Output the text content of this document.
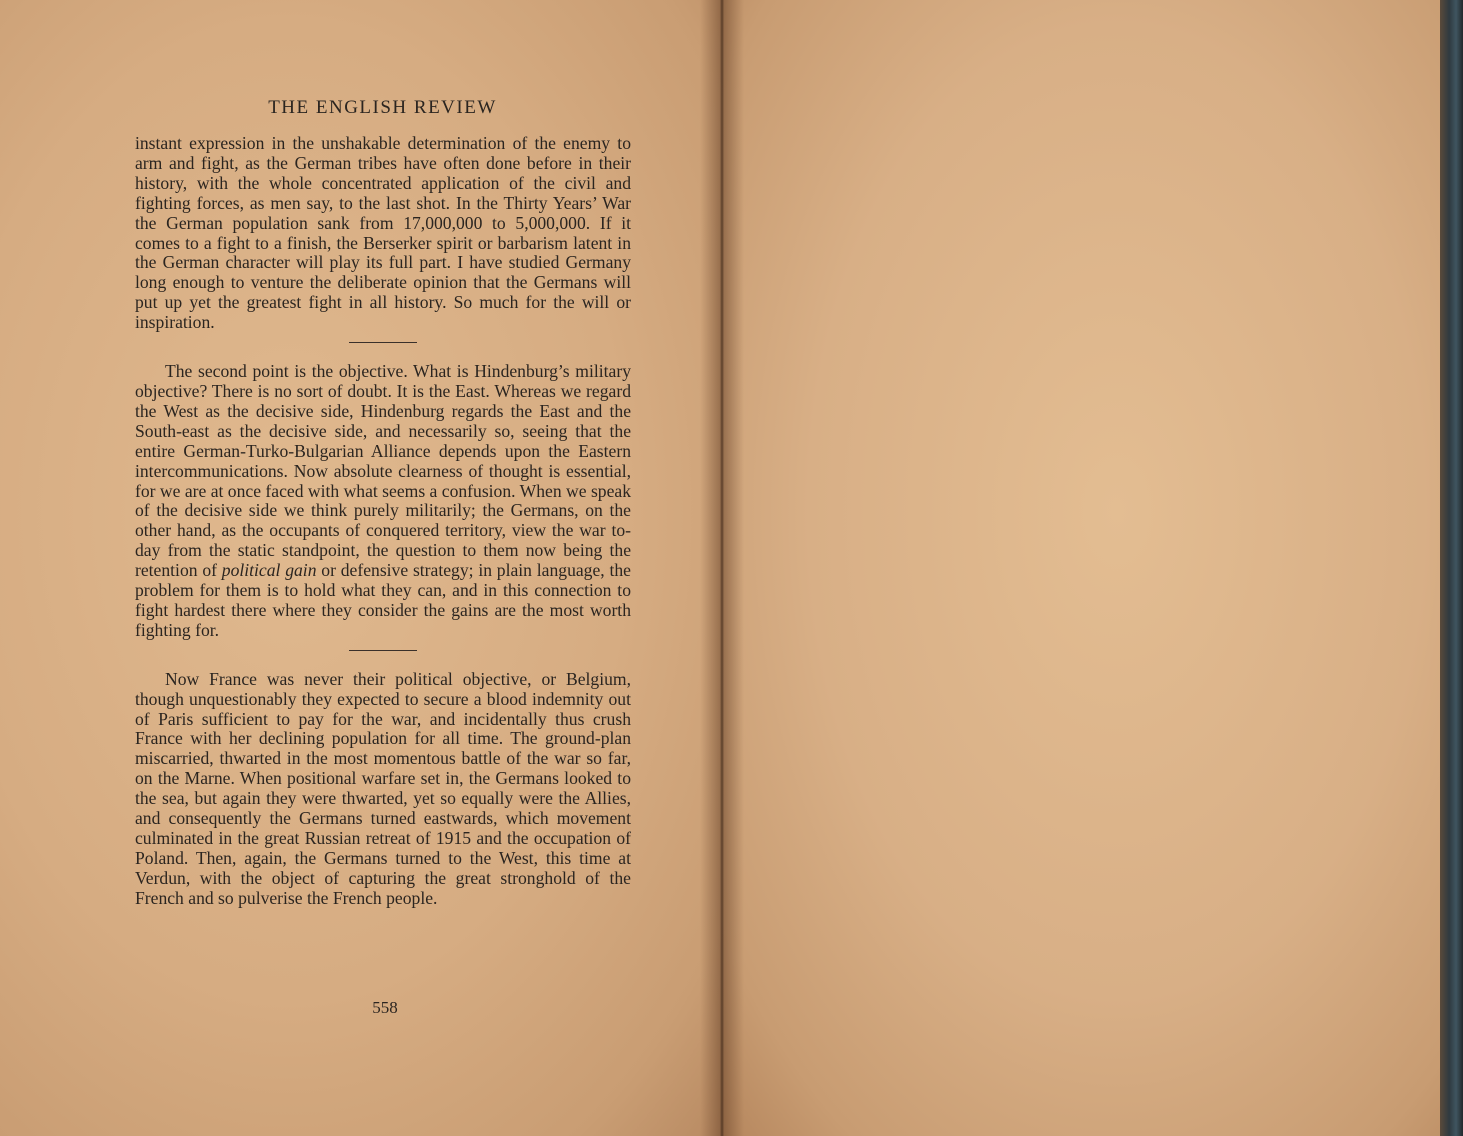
THE ENGLISH REVIEW

instant expression in the unshakable determination of the enemy to arm and fight, as the German tribes have often done before in their history, with the whole concentrated application of the civil and fighting forces, as men say, to the last shot. In the Thirty Years’ War the German population sank from 17,000,000 to 5,000,000. If it comes to a fight to a finish, the Berserker spirit or barbarism latent in the German character will play its full part. I have studied Germany long enough to venture the deliberate opinion that the Germans will put up yet the greatest fight in all history. So much for the will or inspiration.

The second point is the objective. What is Hindenburg’s military objective? There is no sort of doubt. It is the East. Whereas we regard the West as the decisive side, Hindenburg regards the East and the South-east as the decisive side, and necessarily so, seeing that the entire German-Turko-Bulgarian Alliance depends upon the Eastern intercommunications. Now absolute clearness of thought is essential, for we are at once faced with what seems a confusion. When we speak of the decisive side we think purely militarily; the Germans, on the other hand, as the occupants of conquered territory, view the war to-day from the static standpoint, the question to them now being the retention of political gain or defensive strategy; in plain language, the problem for them is to hold what they can, and in this connection to fight hardest there where they consider the gains are the most worth fighting for.

Now France was never their political objective, or Belgium, though unquestionably they expected to secure a blood indemnity out of Paris sufficient to pay for the war, and incidentally thus crush France with her declining population for all time. The ground-plan miscarried, thwarted in the most momentous battle of the war so far, on the Marne. When positional warfare set in, the Germans looked to the sea, but again they were thwarted, yet so equally were the Allies, and consequently the Germans turned eastwards, which movement culminated in the great Russian retreat of 1915 and the occupation of Poland. Then, again, the Germans turned to the West, this time at Verdun, with the object of capturing the great stronghold of the French and so pulverise the French people.

558
